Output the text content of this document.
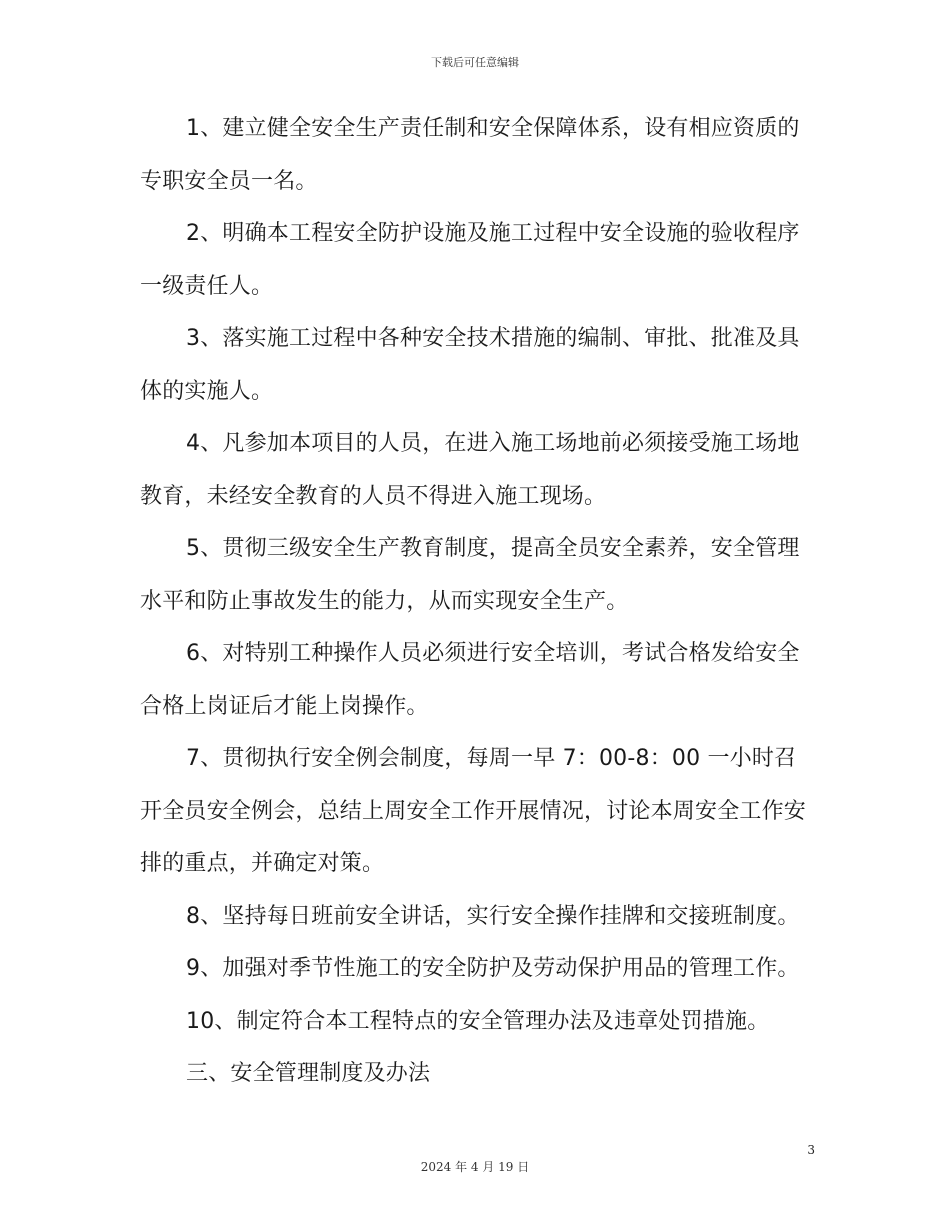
下载后可任意编辑

1、建立健全安全生产责任制和安全保障体系，设有相应资质的专职安全员一名。

2、明确本工程安全防护设施及施工过程中安全设施的验收程序一级责任人。

3、落实施工过程中各种安全技术措施的编制、审批、批准及具体的实施人。

4、凡参加本项目的人员，在进入施工场地前必须接受施工场地教育，未经安全教育的人员不得进入施工现场。

5、贯彻三级安全生产教育制度，提高全员安全素养，安全管理水平和防止事故发生的能力，从而实现安全生产。

6、对特别工种操作人员必须进行安全培训，考试合格发给安全合格上岗证后才能上岗操作。

7、贯彻执行安全例会制度，每周一早 7：00-8：00 一小时召开全员安全例会，总结上周安全工作开展情况，讨论本周安全工作安排的重点，并确定对策。

8、坚持每日班前安全讲话，实行安全操作挂牌和交接班制度。

9、加强对季节性施工的安全防护及劳动保护用品的管理工作。

10、制定符合本工程特点的安全管理办法及违章处罚措施。

三、安全管理制度及办法

3
2024 年 4 月 19 日
